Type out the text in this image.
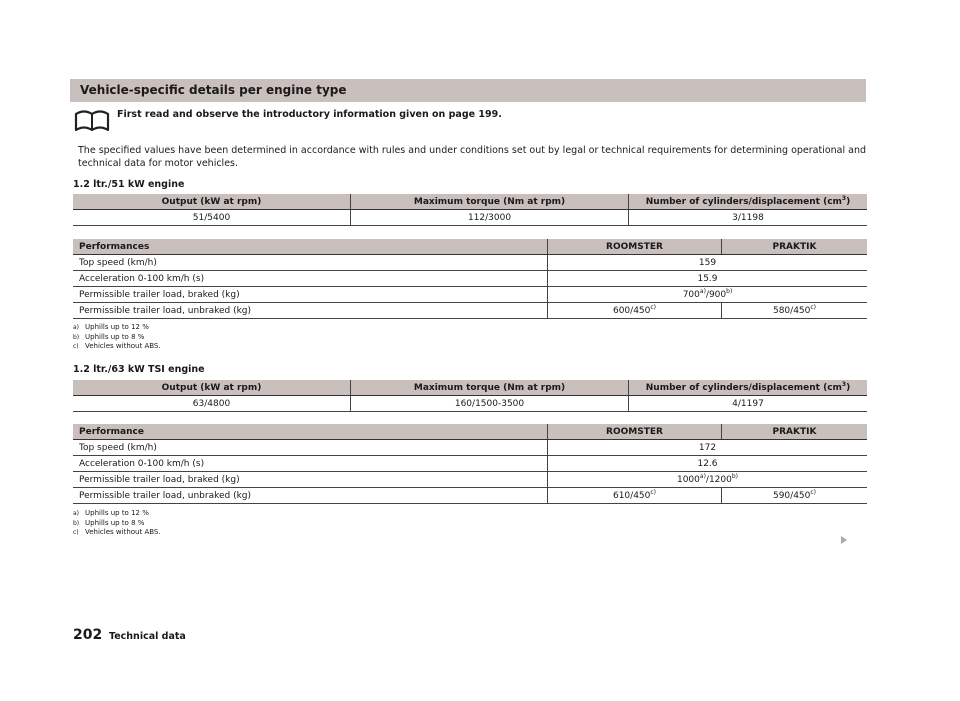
Vehicle-specific details per engine type
First read and observe the introductory information given on page 199.
The specified values have been determined in accordance with rules and under conditions set out by legal or technical requirements for determining operational and technical data for motor vehicles.
1.2 ltr./51 kW engine
Output (kW at rpm)	Maximum torque (Nm at rpm)	Number of cylinders/displacement $(cm^3)$
51/5400	112/3000	3/1198
Performances	ROOMSTER	PRAKTIK
Top speed (km/h)	159	
Acceleration 0-100 km/h (s)	15.9	
Permissible trailer load, braked (kg)	700$^{a)}$/900$^{b)}$
Permissible trailer load, unbraked (kg)	600/450$^{c)}$	580/450$^{c)}$
a) Uphills up to 12 %
b) Uphills up to 8 %
c) Vehicles without ABS.
1.2 ltr./63 kW TSI engine
Output (kW at rpm)	Maximum torque (Nm at rpm)	Number of cylinders/displacement $(cm^3)$
63/4800	160/1500-3500	4/1197
Performance	ROOMSTER	PRAKTIK
Top speed (km/h)	172	
Acceleration 0-100 km/h (s)	12.6	
Permissible trailer load, braked (kg)	1000$^{a)}$/1200$^{b)}$
Permissible trailer load, unbraked (kg)	610/450$^{c)}$	590/450$^{c)}$
a) Uphills up to 12 %
b) Uphills up to 8 %
c) Vehicles without ABS.
202 Technical data
